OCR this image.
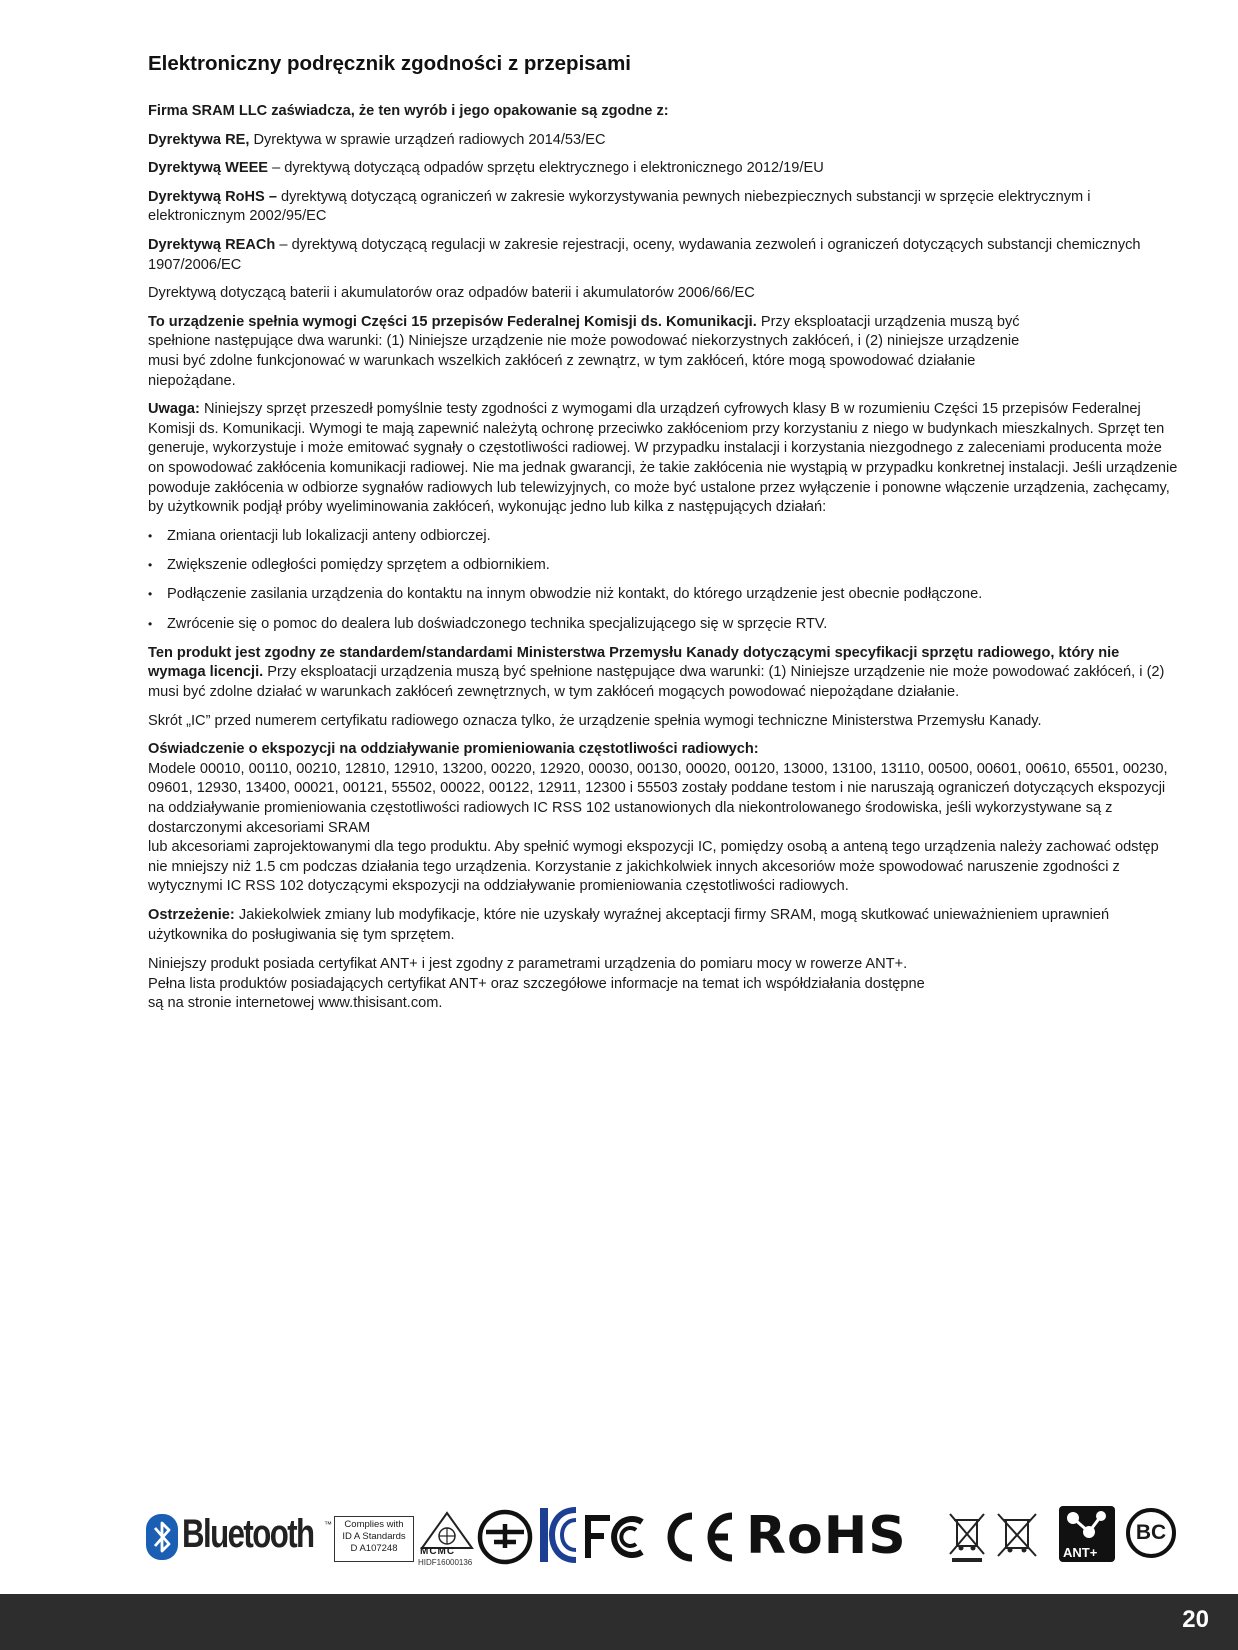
Elektroniczny podręcznik zgodności z przepisami

Firma SRAM LLC zaświadcza, że ten wyrób i jego opakowanie są zgodne z:

Dyrektywa RE, Dyrektywa w sprawie urządzeń radiowych 2014/53/EC

Dyrektywą WEEE – dyrektywą dotyczącą odpadów sprzętu elektrycznego i elektronicznego 2012/19/EU

Dyrektywą RoHS – dyrektywą dotyczącą ograniczeń w zakresie wykorzystywania pewnych niebezpiecznych substancji w sprzęcie elektrycznym i elektronicznym 2002/95/EC

Dyrektywą REACh – dyrektywą dotyczącą regulacji w zakresie rejestracji, oceny, wydawania zezwoleń i ograniczeń dotyczących substancji chemicznych 1907/2006/EC

Dyrektywą dotyczącą baterii i akumulatorów oraz odpadów baterii i akumulatorów 2006/66/EC

To urządzenie spełnia wymogi Części 15 przepisów Federalnej Komisji ds. Komunikacji. Przy eksploatacji urządzenia muszą być spełnione następujące dwa warunki: (1) Niniejsze urządzenie nie może powodować niekorzystnych zakłóceń, i (2) niniejsze urządzenie musi być zdolne funkcjonować w warunkach wszelkich zakłóceń z zewnątrz, w tym zakłóceń, które mogą spowodować działanie niepożądane.

Uwaga: Niniejszy sprzęt przeszedł pomyślnie testy zgodności z wymogami dla urządzeń cyfrowych klasy B w rozumieniu Części 15 przepisów Federalnej Komisji ds. Komunikacji. Wymogi te mają zapewnić należytą ochronę przeciwko zakłóceniom przy korzystaniu z niego w budynkach mieszkalnych. Sprzęt ten generuje, wykorzystuje i może emitować sygnały o częstotliwości radiowej. W przypadku instalacji i korzystania niezgodnego z zaleceniami producenta może on spowodować zakłócenia komunikacji radiowej. Nie ma jednak gwarancji, że takie zakłócenia nie wystąpią w przypadku konkretnej instalacji. Jeśli urządzenie powoduje zakłócenia w odbiorze sygnałów radiowych lub telewizyjnych, co może być ustalone przez wyłączenie i ponowne włączenie urządzenia, zachęcamy, by użytkownik podjął próby wyeliminowania zakłóceń, wykonując jedno lub kilka z następujących działań:

• Zmiana orientacji lub lokalizacji anteny odbiorczej.
• Zwiększenie odległości pomiędzy sprzętem a odbiornikiem.
• Podłączenie zasilania urządzenia do kontaktu na innym obwodzie niż kontakt, do którego urządzenie jest obecnie podłączone.
• Zwrócenie się o pomoc do dealera lub doświadczonego technika specjalizującego się w sprzęcie RTV.

Ten produkt jest zgodny ze standardem/standardami Ministerstwa Przemysłu Kanady dotyczącymi specyfikacji sprzętu radiowego, który nie wymaga licencji. Przy eksploatacji urządzenia muszą być spełnione następujące dwa warunki: (1) Niniejsze urządzenie nie może powodować zakłóceń, i (2) musi być zdolne działać w warunkach zakłóceń zewnętrznych, w tym zakłóceń mogących powodować niepożądane działanie.

Skrót „IC” przed numerem certyfikatu radiowego oznacza tylko, że urządzenie spełnia wymogi techniczne Ministerstwa Przemysłu Kanady.

Oświadczenie o ekspozycji na oddziaływanie promieniowania częstotliwości radiowych:
Modele 00010, 00110, 00210, 12810, 12910, 13200, 00220, 12920, 00030, 00130, 00020, 00120, 13000, 13100, 13110, 00500, 00601, 00610, 65501, 00230, 09601, 12930, 13400, 00021, 00121, 55502, 00022, 00122, 12911, 12300 i 55503 zostały poddane testom i nie naruszają ograniczeń dotyczących ekspozycji na oddziaływanie promieniowania częstotliwości radiowych IC RSS 102 ustanowionych dla niekontrolowanego środowiska, jeśli wykorzystywane są z dostarczonymi akcesoriami SRAM

lub akcesoriami zaprojektowanymi dla tego produktu. Aby spełnić wymogi ekspozycji IC, pomiędzy osobą a anteną tego urządzenia należy zachować odstęp nie mniejszy niż 1.5 cm podczas działania tego urządzenia. Korzystanie z jakichkolwiek innych akcesoriów może spowodować naruszenie zgodności z wytycznymi IC RSS 102 dotyczącymi ekspozycji na oddziaływanie promieniowania częstotliwości radiowych.

Ostrzeżenie: Jakiekolwiek zmiany lub modyfikacje, które nie uzyskały wyraźnej akceptacji firmy SRAM, mogą skutkować unieważnieniem uprawnień użytkownika do posługiwania się tym sprzętem.

Niniejszy produkt posiada certyfikat ANT+ i jest zgodny z parametrami urządzenia do pomiaru mocy w rowerze ANT+.
Pełna lista produktów posiadających certyfikat ANT+ oraz szczegółowe informacje na temat ich współdziałania dostępne
są na stronie internetowej www.thisisant.com.

Bluetooth ™	Complies with
ID A Standards
D A107248	MCMC
HIDF16000136	RoHS	ANT+
BC
20
